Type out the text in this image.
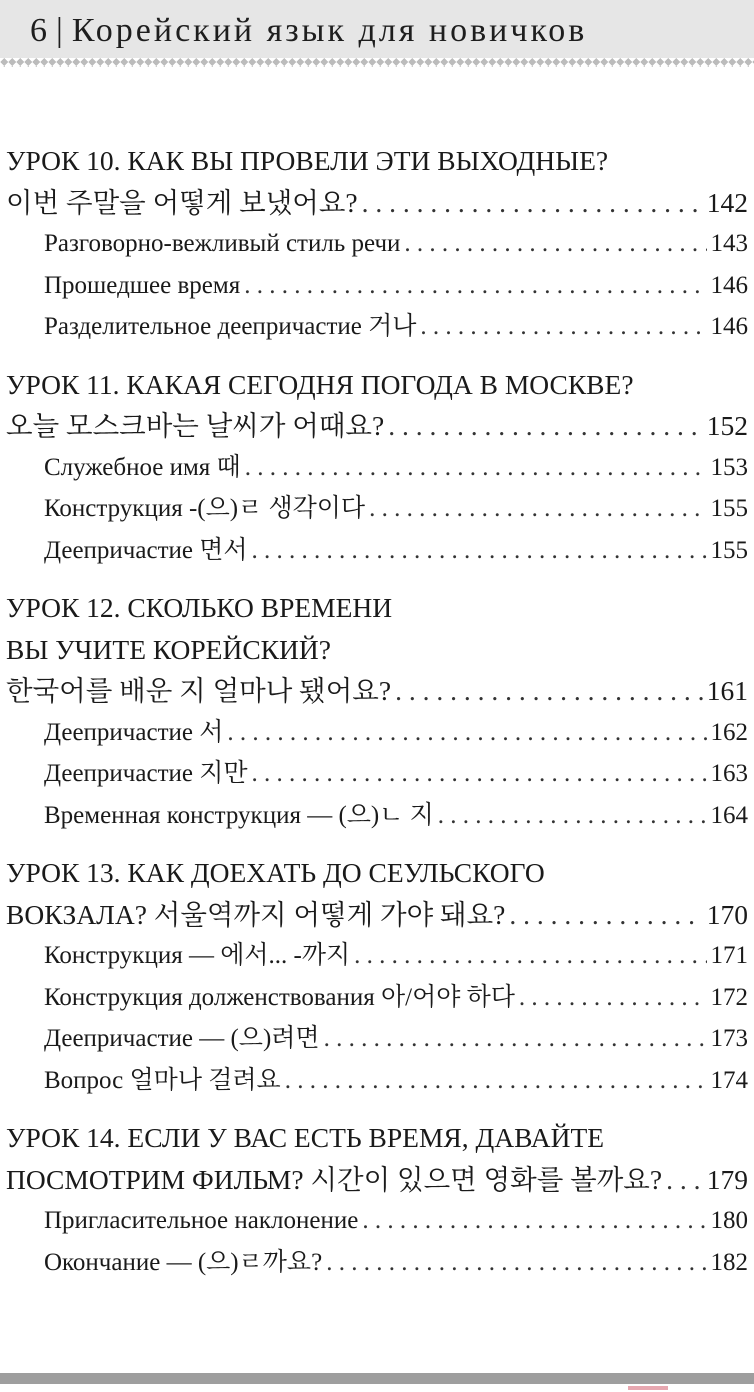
6 | Корейский язык для новичков
УРОК 10. КАК ВЫ ПРОВЕЛИ ЭТИ ВЫХОДНЫЕ?
이번 주말을 어떻게 보냈어요? . . .	142
Разговорно-вежливый стиль речи . . .	143
Прошедшее время . . .	146
Разделительное деепричастие 거나 . . .	146
УРОК 11. КАКАЯ СЕГОДНЯ ПОГОДА В МОСКВЕ?
오늘 모스크바는 날씨가 어때요? . . .	152
Служебное имя 때 . . .	153
Конструкция -(으)ㄹ 생각이다 . . .	155
Деепричастие 면서 . . .	155
УРОК 12. СКОЛЬКО ВРЕМЕНИ
ВЫ УЧИТЕ КОРЕЙСКИЙ?
한국어를 배운 지 얼마나 됐어요? . . .	161
Деепричастие 서 . . .	162
Деепричастие 지만 . . .	163
Временная конструкция — (으)ㄴ 지 . . .	164
УРОК 13. КАК ДОЕХАТЬ ДО СЕУЛЬСКОГО
ВОКЗАЛА? 서울역까지 어떻게 가야 돼요? . . .	170
Конструкция — 에서... -까지 . . .	171
Конструкция долженствования 아/어야 하다 . . .	172
Деепричастие — (으)려면 . . .	173
Вопрос 얼마나 걸려요 . . .	174
УРОК 14. ЕСЛИ У ВАС ЕСТЬ ВРЕМЯ, ДАВАЙТЕ
ПОСМОТРИМ ФИЛЬМ? 시간이 있으면 영화를 볼까요? . . . 179
Пригласительное наклонение . . .	180
Окончание — (으)ㄹ까요? . . .	182
